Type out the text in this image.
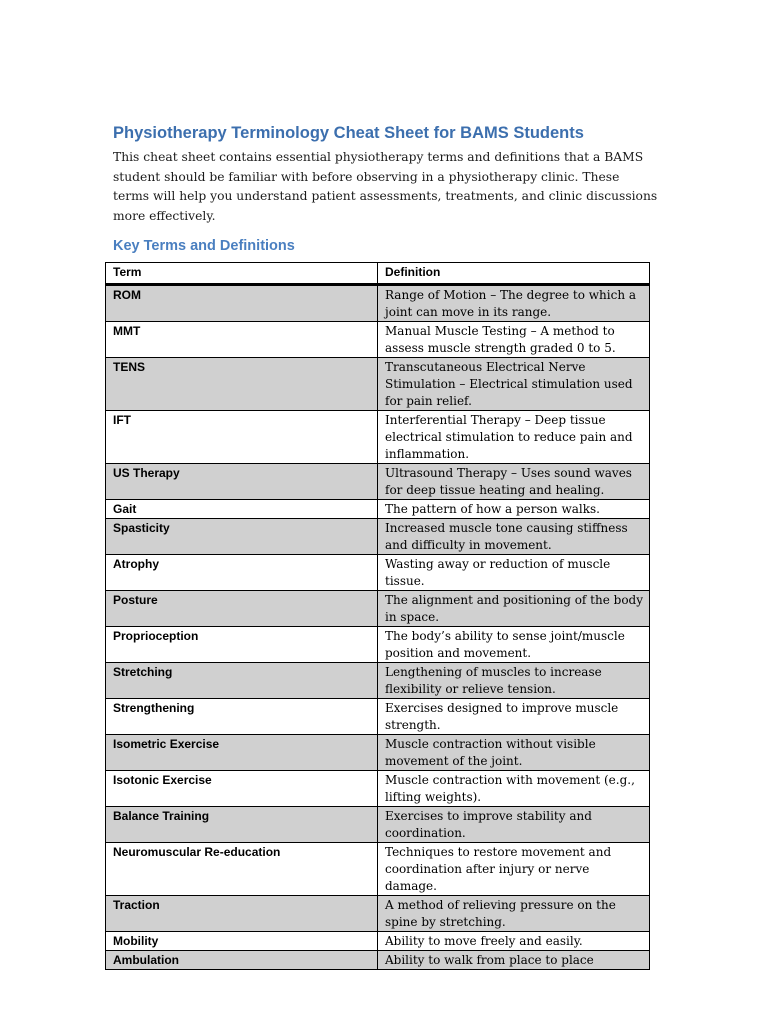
Physiotherapy Terminology Cheat Sheet for BAMS Students

This cheat sheet contains essential physiotherapy terms and definitions that a BAMS student should be familiar with before observing in a physiotherapy clinic. These terms will help you understand patient assessments, treatments, and clinic discussions more effectively.

Key Terms and Definitions
Term	Definition
ROM	Range of Motion – The degree to which a joint can move in its range.
MMT	Manual Muscle Testing – A method to assess muscle strength graded 0 to 5.
TENS	Transcutaneous Electrical Nerve Stimulation – Electrical stimulation used for pain relief.
IFT	Interferential Therapy – Deep tissue electrical stimulation to reduce pain and inflammation.
US Therapy	Ultrasound Therapy – Uses sound waves for deep tissue heating and healing.
Gait	The pattern of how a person walks.
Spasticity	Increased muscle tone causing stiffness and difficulty in movement.
Atrophy	Wasting away or reduction of muscle tissue.
Posture	The alignment and positioning of the body in space.
Proprioception	The body’s ability to sense joint/muscle position and movement.
Stretching	Lengthening of muscles to increase flexibility or relieve tension.
Strengthening	Exercises designed to improve muscle strength.
Isometric Exercise	Muscle contraction without visible movement of the joint.
Isotonic Exercise	Muscle contraction with movement (e.g., lifting weights).
Balance Training	Exercises to improve stability and coordination.
Neuromuscular Re-education	Techniques to restore movement and coordination after injury or nerve damage.
Traction	A method of relieving pressure on the spine by stretching.
Mobility	Ability to move freely and easily.
Ambulation	Ability to walk from place to place
